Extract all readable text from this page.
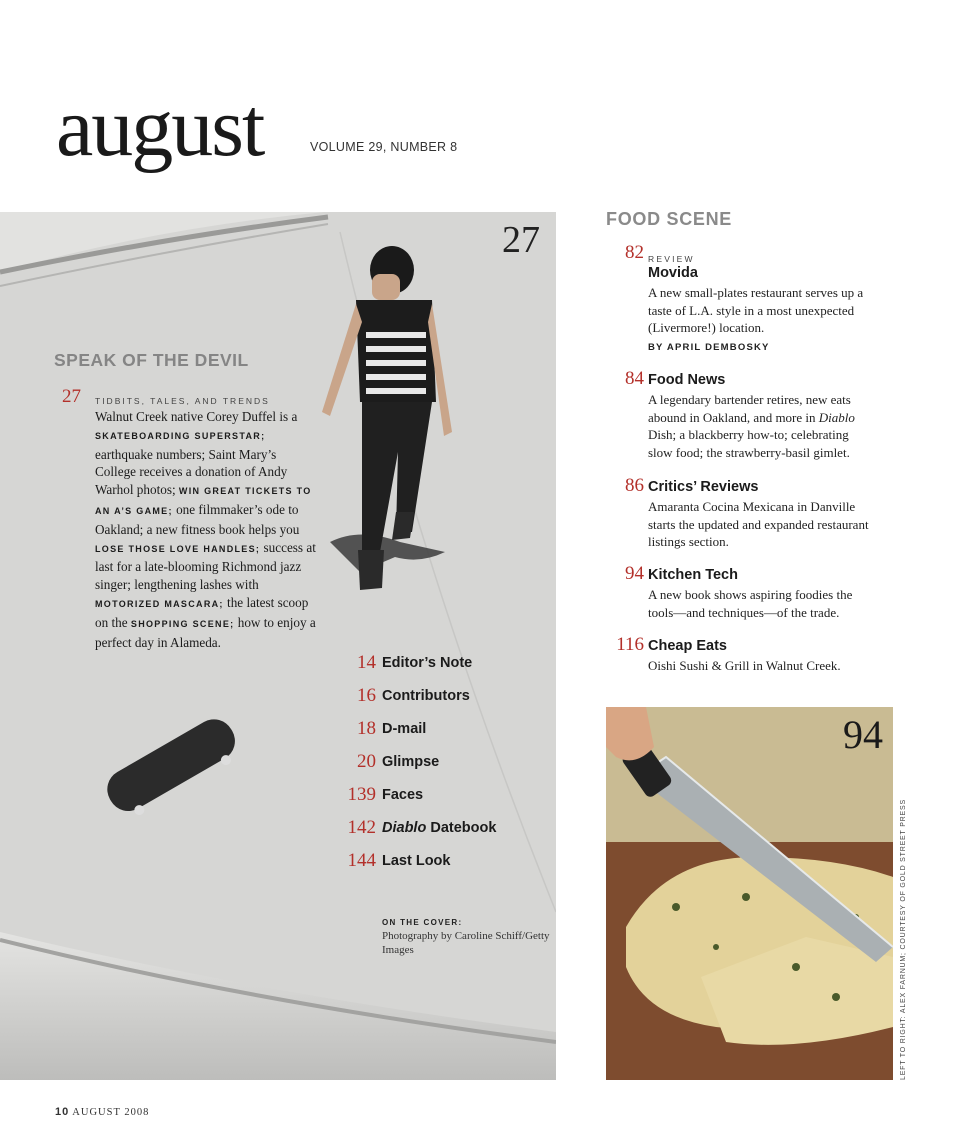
august	VOLUME 29, NUMBER 8
27
SPEAK OF THE DEVIL
27 TIDBITS, TALES, AND TRENDS
Walnut Creek native Corey Duffel is a SKATEBOARDING SUPERSTAR; earthquake numbers; Saint Mary’s College receives a donation of Andy Warhol photos; WIN GREAT TICKETS TO AN A’S GAME; one filmmaker’s ode to Oakland; a new fitness book helps you LOSE THOSE LOVE HANDLES; success at last for a late-blooming Richmond jazz singer; lengthening lashes with MOTORIZED MASCARA; the latest scoop on the SHOPPING SCENE; how to enjoy a perfect day in Alameda.
14 Editor’s Note
16 Contributors
18 D-mail
20 Glimpse
139 Faces
142 Diablo Datebook
144 Last Look
ON THE COVER:
Photography by Caroline Schiff/Getty Images
FOOD SCENE
82 REVIEW
Movida
A new small-plates restaurant serves up a taste of L.A. style in a most unexpected (Livermore!) location.
BY APRIL DEMBOSKY
84 Food News
A legendary bartender retires, new eats abound in Oakland, and more in Diablo Dish; a blackberry how-to; celebrating slow food; the strawberry-basil gimlet.
86 Critics’ Reviews
Amaranta Cocina Mexicana in Danville starts the updated and expanded restaurant listings section.
94 Kitchen Tech
A new book shows aspiring foodies the tools—and techniques—of the trade.
116 Cheap Eats
Oishi Sushi & Grill in Walnut Creek.
94
LEFT TO RIGHT: ALEX FARNUM; COURTESY OF GOLD STREET PRESS
10 AUGUST 2008
